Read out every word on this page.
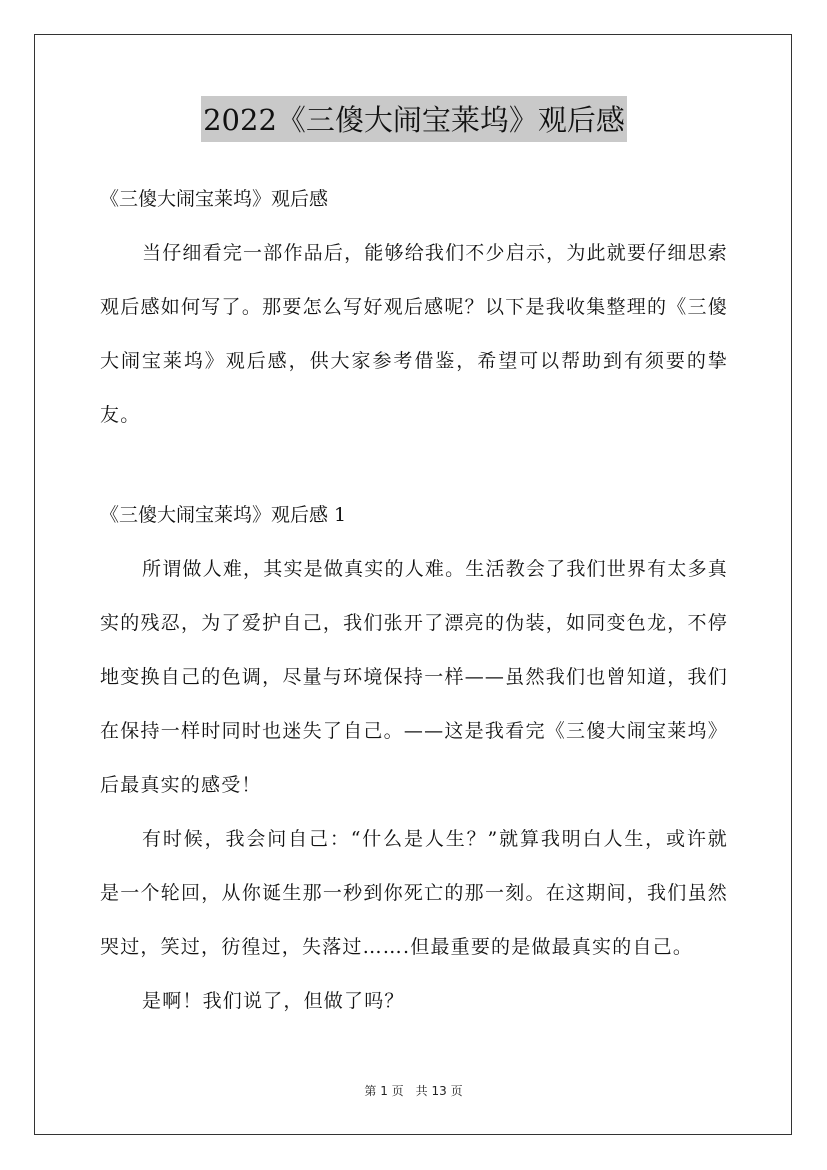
2022《三傻大闹宝莱坞》观后感

《三傻大闹宝莱坞》观后感

当仔细看完一部作品后，能够给我们不少启示，为此就要仔细思索观后感如何写了。那要怎么写好观后感呢？以下是我收集整理的《三傻大闹宝莱坞》观后感，供大家参考借鉴，希望可以帮助到有须要的挚友。

《三傻大闹宝莱坞》观后感 1

所谓做人难，其实是做真实的人难。生活教会了我们世界有太多真实的残忍，为了爱护自己，我们张开了漂亮的伪装，如同变色龙，不停地变换自己的色调，尽量与环境保持一样——虽然我们也曾知道，我们在保持一样时同时也迷失了自己。——这是我看完《三傻大闹宝莱坞》后最真实的感受！

有时候，我会问自己：“什么是人生？”就算我明白人生，或许就是一个轮回，从你诞生那一秒到你死亡的那一刻。在这期间，我们虽然哭过，笑过，彷徨过，失落过…….但最重要的是做最真实的自己。

是啊！我们说了，但做了吗？

第 1 页　共 13 页
